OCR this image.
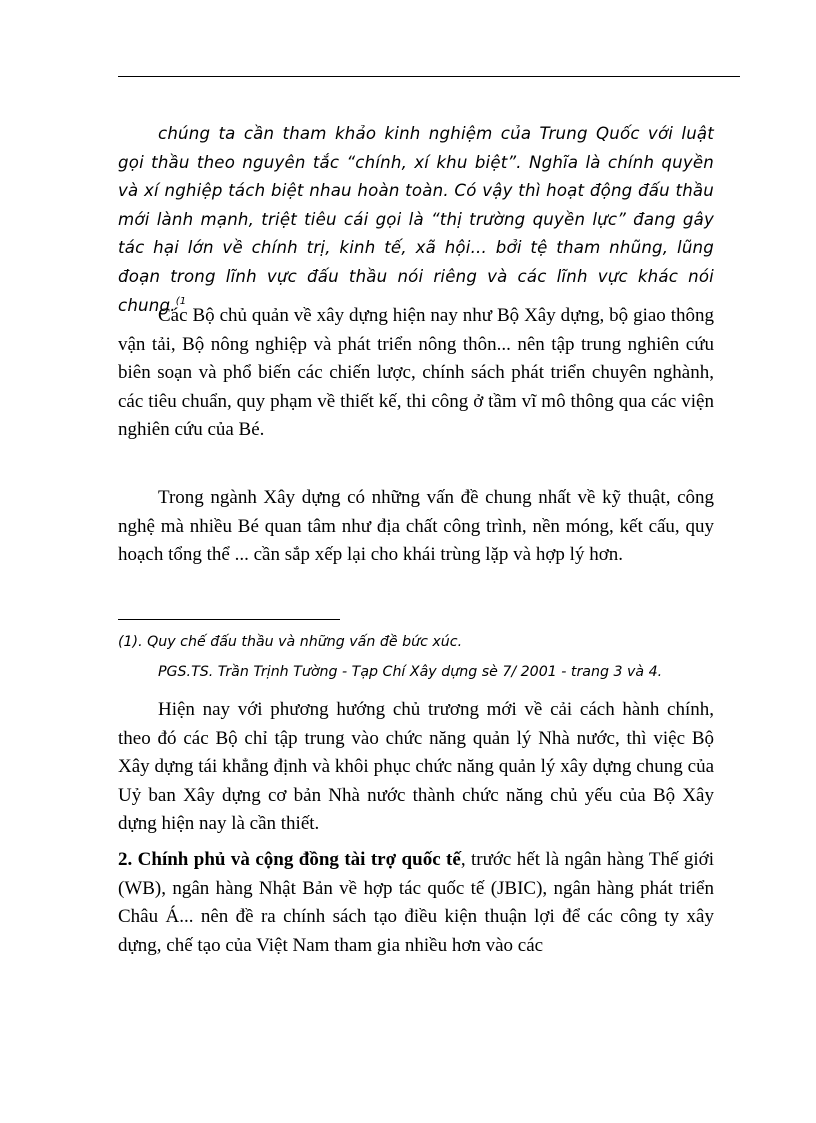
chúng ta cần tham khảo kinh nghiệm của Trung Quốc với luật gọi thầu theo nguyên tắc “chính, xí khu biệt”. Nghĩa là chính quyền và xí nghiệp tách biệt nhau hoàn toàn. Có vậy thì hoạt động đấu thầu mới lành mạnh, triệt tiêu cái gọi là “thị trường quyền lực” đang gây tác hại lớn về chính trị, kinh tế, xã hội... bởi tệ tham nhũng, lũng đoạn trong lĩnh vực đấu thầu nói riêng và các lĩnh vực khác nói chung.$^{(1}$

Các Bộ chủ quản về xây dựng hiện nay như Bộ Xây dựng, bộ giao thông vận tải, Bộ nông nghiệp và phát triển nông thôn... nên tập trung nghiên cứu biên soạn và phổ biến các chiến lược, chính sách phát triển chuyên nghành, các tiêu chuẩn, quy phạm về thiết kế, thi công ở tầm vĩ mô thông qua các viện nghiên cứu của Bé.

Trong ngành Xây dựng có những vấn đề chung nhất về kỹ thuật, công nghệ mà nhiều Bé quan tâm như địa chất công trình, nền móng, kết cấu, quy hoạch tổng thể ... cần sắp xếp lại cho khái trùng lặp và hợp lý hơn.

(1). Quy chế đấu thầu và những vấn đề bức xúc.

PGS.TS. Trần Trịnh Tường - Tạp Chí Xây dựng sè 7/ 2001 - trang 3 và 4.

Hiện nay với phương hướng chủ trương mới về cải cách hành chính, theo đó các Bộ chỉ tập trung vào chức năng quản lý Nhà nước, thì việc Bộ Xây dựng tái khẳng định và khôi phục chức năng quản lý xây dựng chung của Uỷ ban Xây dựng cơ bản Nhà nước thành chức năng chủ yếu của Bộ Xây dựng hiện nay là cần thiết.

2. Chính phủ và cộng đồng tài trợ quốc tế, trước hết là ngân hàng Thế giới (WB), ngân hàng Nhật Bản về hợp tác quốc tế (JBIC), ngân hàng phát triển Châu Á... nên đề ra chính sách tạo điều kiện thuận lợi để các công ty xây dựng, chế tạo của Việt Nam tham gia nhiều hơn vào các
